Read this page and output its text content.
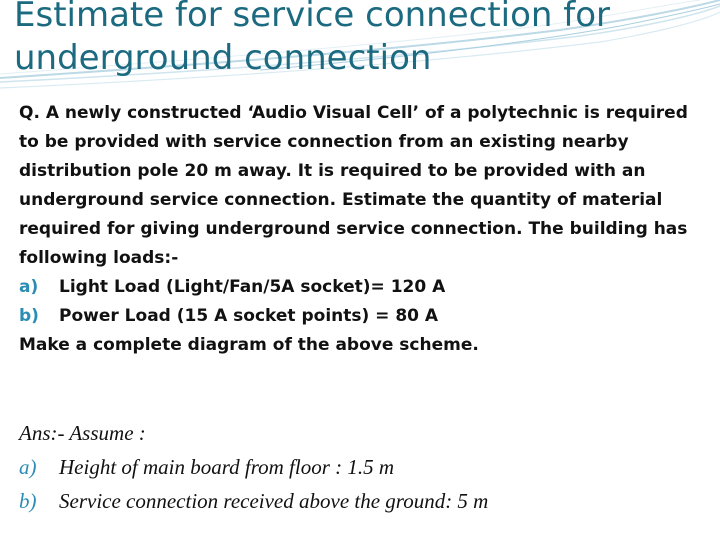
Estimate for service connection for
underground connection

Q. A newly constructed ‘Audio Visual Cell’ of a polytechnic is required to be provided with service connection from an existing nearby distribution pole 20 m away. It is required to be provided with an underground service connection. Estimate the quantity of material required for giving underground service connection. The building has following loads:-

a)	Light Load (Light/Fan/5A socket)= 120 A
b)	Power Load (15 A socket points) = 80 A

Make a complete diagram of the above scheme.

Ans:- Assume :

a)	Height of main board from floor : 1.5 m
b)	Service connection received above the ground: 5 m
